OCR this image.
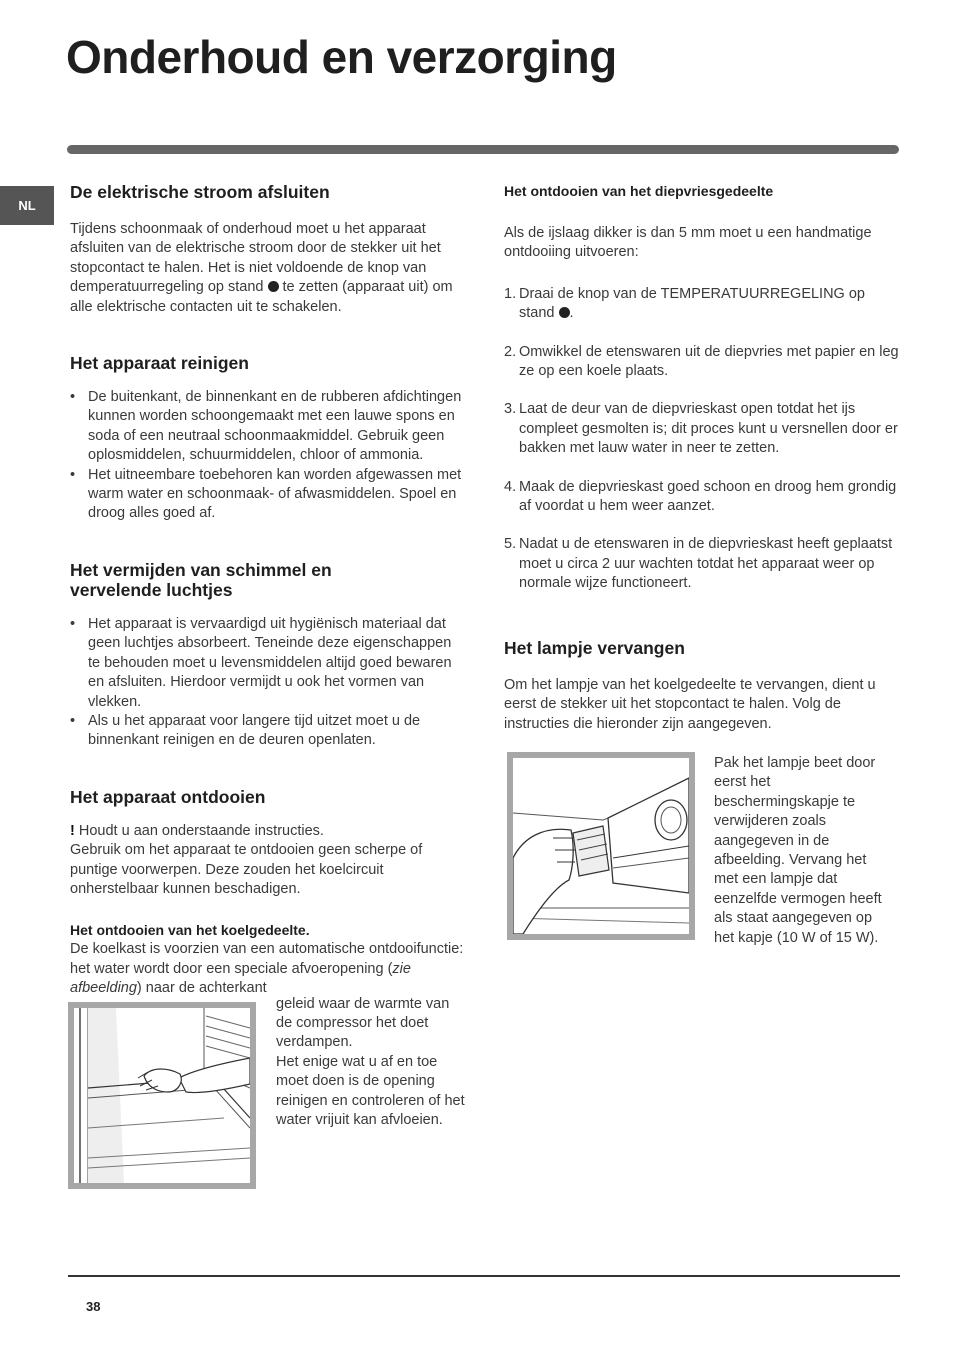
Onderhoud en verzorging
NL
De elektrische stroom afsluiten

Tijdens schoonmaak of onderhoud moet u het apparaat afsluiten van de elektrische stroom door de stekker uit het stopcontact te halen. Het is niet voldoende de knop van demperatuurregeling op stand te zetten (apparaat uit) om alle elektrische contacten uit te schakelen.

Het apparaat reinigen
• De buitenkant, de binnenkant en de rubberen afdichtingen kunnen worden schoongemaakt met een lauwe spons en soda of een neutraal schoonmaakmiddel. Gebruik geen oplosmiddelen, schuurmiddelen, chloor of ammonia.
• Het uitneembare toebehoren kan worden afgewassen met warm water en schoonmaak- of afwasmiddelen. Spoel en droog alles goed af.
Het vermijden van schimmel en
vervelende luchtjes
• Het apparaat is vervaardigd uit hygiënisch materiaal dat geen luchtjes absorbeert. Teneinde deze eigenschappen te behouden moet u levensmiddelen altijd goed bewaren en afsluiten. Hierdoor vermijdt u ook het vormen van vlekken.
• Als u het apparaat voor langere tijd uitzet moet u de binnenkant reinigen en de deuren openlaten.
Het apparaat ontdooien

! Houdt u aan onderstaande instructies.

Gebruik om het apparaat te ontdooien geen scherpe of puntige voorwerpen. Deze zouden het koelcircuit onherstelbaar kunnen beschadigen.

Het ontdooien van het koelgedeelte.

De koelkast is voorzien van een automatische ontdooifunctie: het water wordt door een speciale afvoeropening (zie afbeelding) naar de achterkant

geleid waar de warmte van de compressor het doet verdampen.

Het enige wat u af en toe moet doen is de opening reinigen en controleren of het water vrijuit kan afvloeien.

Het ontdooien van het diepvriesgedeelte

Als de ijslaag dikker is dan 5 mm moet u een handmatige ontdooiing uitvoeren:

1. Draai de knop van de TEMPERATUURREGELING op stand .
2. Omwikkel de etenswaren uit de diepvries met papier en leg ze op een koele plaats.
3. Laat de deur van de diepvrieskast open totdat het ijs compleet gesmolten is; dit proces kunt u versnellen door er bakken met lauw water in neer te zetten.
4. Maak de diepvrieskast goed schoon en droog hem grondig af voordat u hem weer aanzet.
5. Nadat u de etenswaren in de diepvrieskast heeft geplaatst moet u circa 2 uur wachten totdat het apparaat weer op normale wijze functioneert.
Het lampje vervangen

Om het lampje van het koelgedeelte te vervangen, dient u eerst de stekker uit het stopcontact te halen. Volg de instructies die hieronder zijn aangegeven.

Pak het lampje beet door eerst het beschermingskapje te verwijderen zoals aangegeven in de afbeelding. Vervang het met een lampje dat eenzelfde vermogen heeft als staat aangegeven op het kapje (10 W of 15 W).

38
